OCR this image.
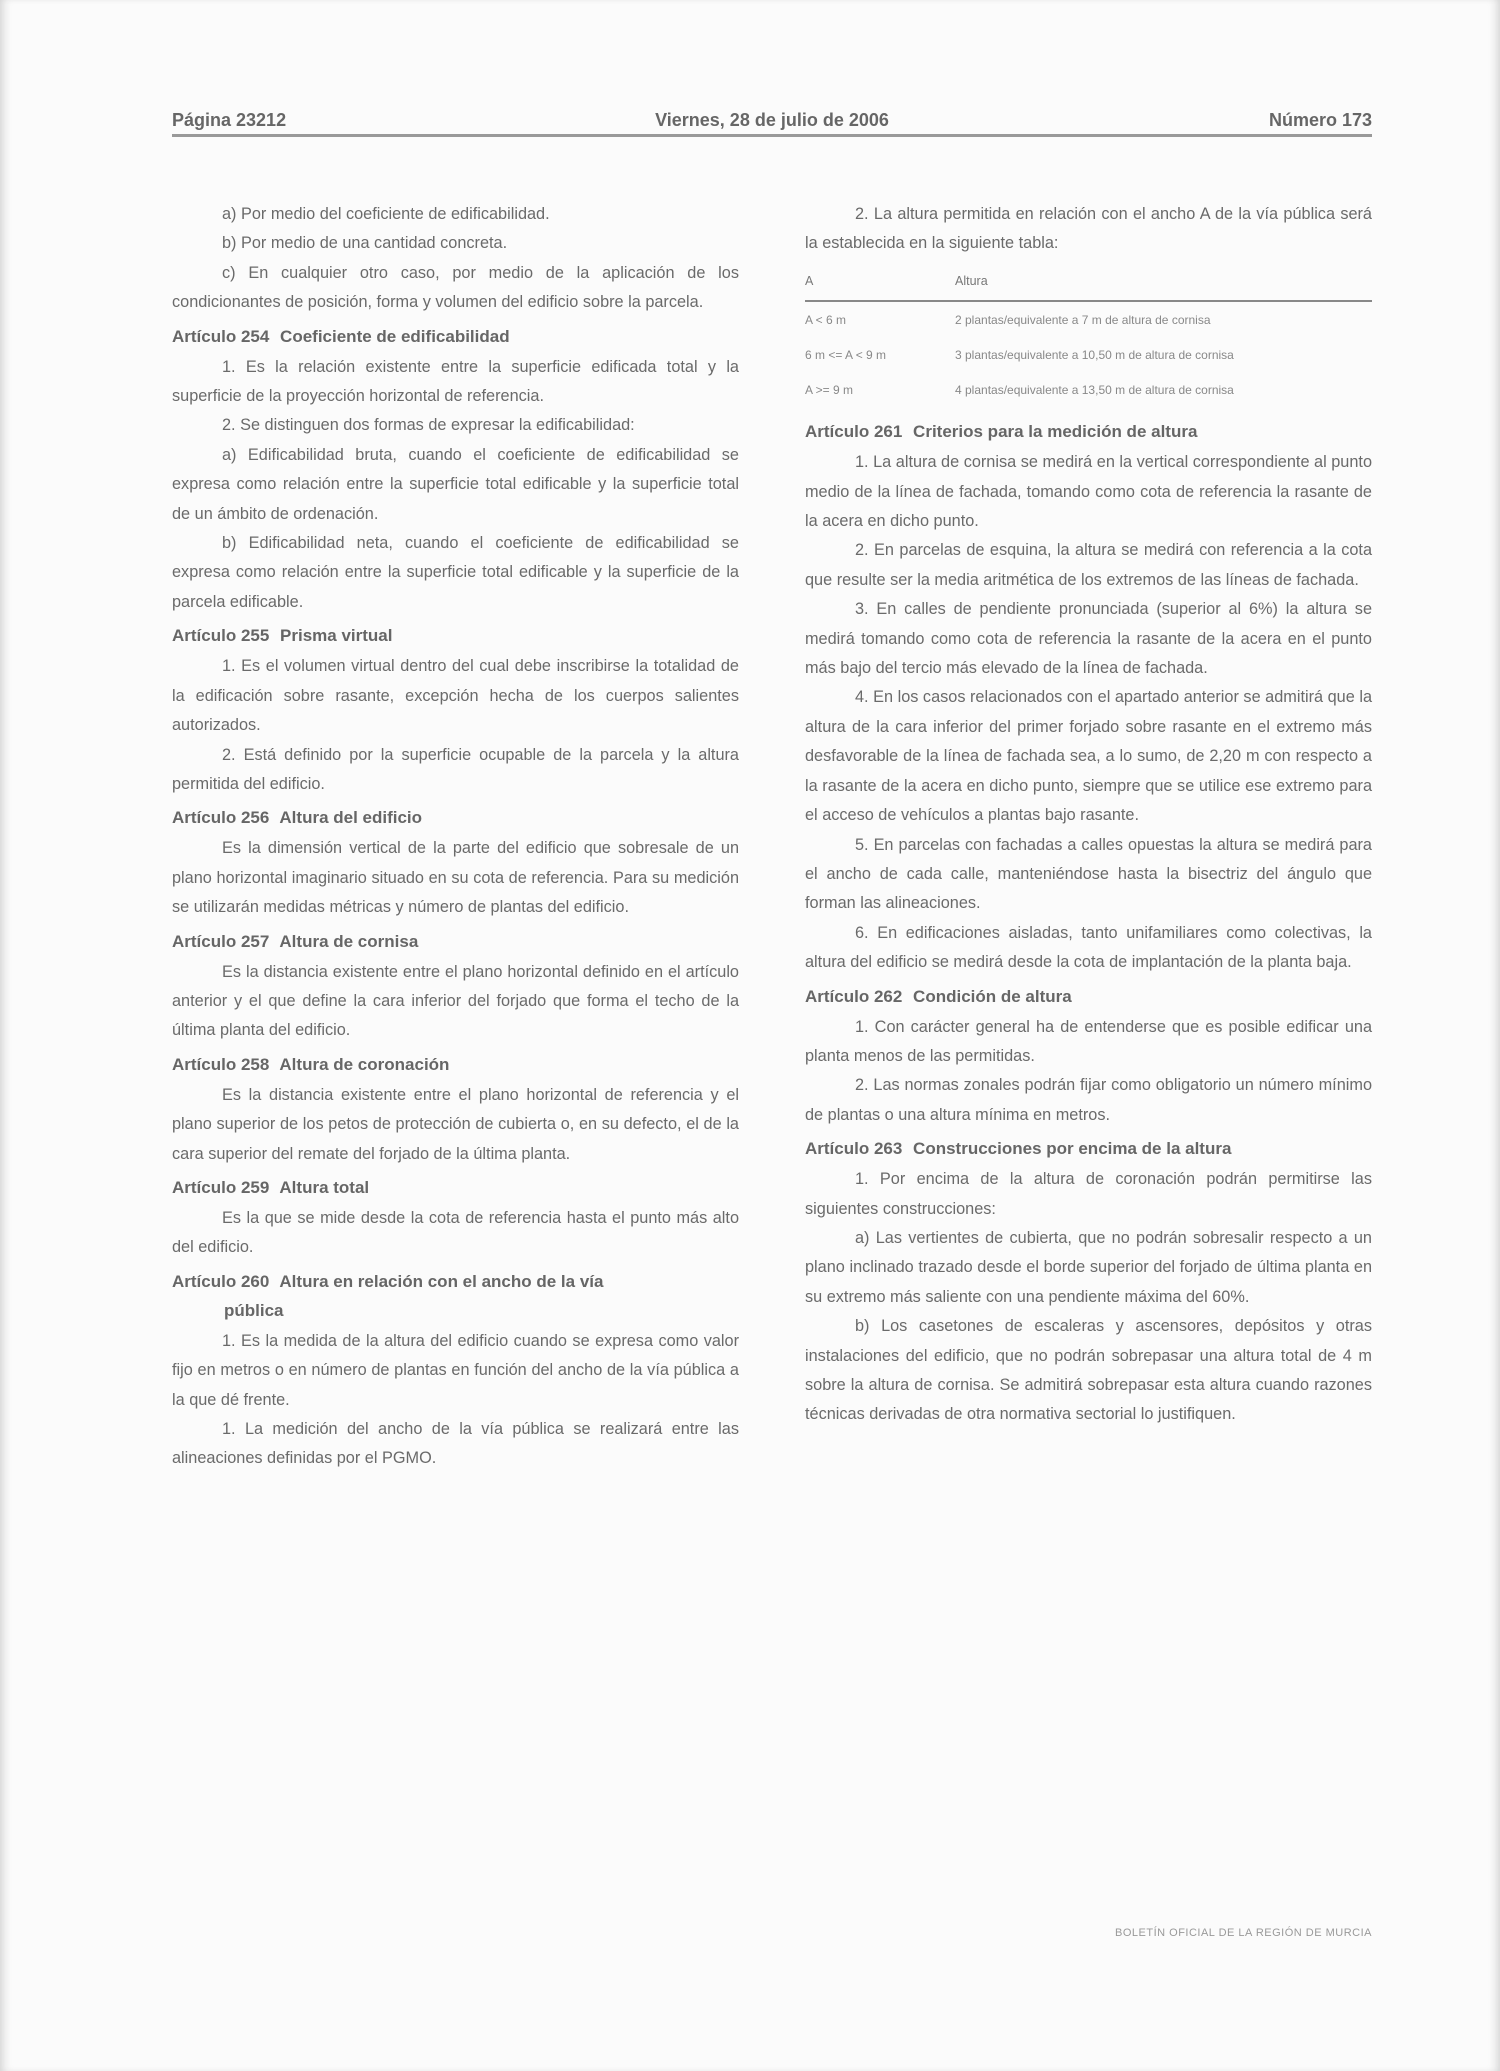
Página 23212	Viernes, 28 de julio de 2006	Número 173

a) Por medio del coeficiente de edificabilidad.

b) Por medio de una cantidad concreta.

c) En cualquier otro caso, por medio de la aplicación de los condicionantes de posición, forma y volumen del edificio sobre la parcela.

Artículo 254 Coeficiente de edificabilidad

1. Es la relación existente entre la superficie edificada total y la superficie de la proyección horizontal de referencia.

2. Se distinguen dos formas de expresar la edificabilidad:

a) Edificabilidad bruta, cuando el coeficiente de edificabilidad se expresa como relación entre la superficie total edificable y la superficie total de un ámbito de ordenación.

b) Edificabilidad neta, cuando el coeficiente de edificabilidad se expresa como relación entre la superficie total edificable y la superficie de la parcela edificable.

Artículo 255 Prisma virtual

1. Es el volumen virtual dentro del cual debe inscribirse la totalidad de la edificación sobre rasante, excepción hecha de los cuerpos salientes autorizados.

2. Está definido por la superficie ocupable de la parcela y la altura permitida del edificio.

Artículo 256 Altura del edificio

Es la dimensión vertical de la parte del edificio que sobresale de un plano horizontal imaginario situado en su cota de referencia. Para su medición se utilizarán medidas métricas y número de plantas del edificio.

Artículo 257 Altura de cornisa

Es la distancia existente entre el plano horizontal definido en el artículo anterior y el que define la cara inferior del forjado que forma el techo de la última planta del edificio.

Artículo 258 Altura de coronación

Es la distancia existente entre el plano horizontal de referencia y el plano superior de los petos de protección de cubierta o, en su defecto, el de la cara superior del remate del forjado de la última planta.

Artículo 259 Altura total

Es la que se mide desde la cota de referencia hasta el punto más alto del edificio.

Artículo 260 Altura en relación con el ancho de la vía
pública

1. Es la medida de la altura del edificio cuando se expresa como valor fijo en metros o en número de plantas en función del ancho de la vía pública a la que dé frente.

1. La medición del ancho de la vía pública se realizará entre las alineaciones definidas por el PGMO.

2. La altura permitida en relación con el ancho A de la vía pública será la establecida en la siguiente tabla:

A	Altura
A < 6 m	2 plantas/equivalente a 7 m de altura de cornisa
6 m <= A < 9 m	3 plantas/equivalente a 10,50 m de altura de cornisa
A >= 9 m	4 plantas/equivalente a 13,50 m de altura de cornisa
Artículo 261 Criterios para la medición de altura

1. La altura de cornisa se medirá en la vertical correspondiente al punto medio de la línea de fachada, tomando como cota de referencia la rasante de la acera en dicho punto.

2. En parcelas de esquina, la altura se medirá con referencia a la cota que resulte ser la media aritmética de los extremos de las líneas de fachada.

3. En calles de pendiente pronunciada (superior al 6%) la altura se medirá tomando como cota de referencia la rasante de la acera en el punto más bajo del tercio más elevado de la línea de fachada.

4. En los casos relacionados con el apartado anterior se admitirá que la altura de la cara inferior del primer forjado sobre rasante en el extremo más desfavorable de la línea de fachada sea, a lo sumo, de 2,20 m con respecto a la rasante de la acera en dicho punto, siempre que se utilice ese extremo para el acceso de vehículos a plantas bajo rasante.

5. En parcelas con fachadas a calles opuestas la altura se medirá para el ancho de cada calle, manteniéndose hasta la bisectriz del ángulo que forman las alineaciones.

6. En edificaciones aisladas, tanto unifamiliares como colectivas, la altura del edificio se medirá desde la cota de implantación de la planta baja.

Artículo 262 Condición de altura

1. Con carácter general ha de entenderse que es posible edificar una planta menos de las permitidas.

2. Las normas zonales podrán fijar como obligatorio un número mínimo de plantas o una altura mínima en metros.

Artículo 263 Construcciones por encima de la altura

1. Por encima de la altura de coronación podrán permitirse las siguientes construcciones:

a) Las vertientes de cubierta, que no podrán sobresalir respecto a un plano inclinado trazado desde el borde superior del forjado de última planta en su extremo más saliente con una pendiente máxima del 60%.

b) Los casetones de escaleras y ascensores, depósitos y otras instalaciones del edificio, que no podrán sobrepasar una altura total de 4 m sobre la altura de cornisa. Se admitirá sobrepasar esta altura cuando razones técnicas derivadas de otra normativa sectorial lo justifiquen.

BOLETÍN OFICIAL DE LA REGIÓN DE MURCIA
